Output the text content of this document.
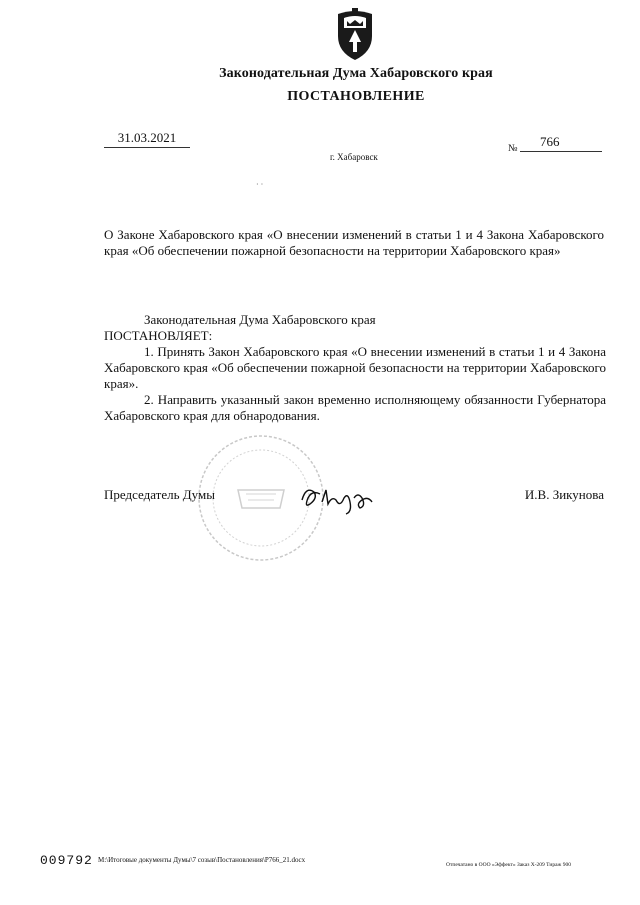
Законодательная Дума Хабаровского края
ПОСТАНОВЛЕНИЕ
31.03.2021
г. Хабаровск
№	766
· ·
О Законе Хабаровского края «О внесении изменений в статьи 1 и 4 Закона Хабаровского края «Об обеспечении пожарной безопасности на территории Хабаровского края»

Законодательная Дума Хабаровского края

ПОСТАНОВЛЯЕТ:

1. Принять Закон Хабаровского края «О внесении изменений в статьи 1 и 4 Закона Хабаровского края «Об обеспечении пожарной безопасности на территории Хабаровского края».

2. Направить указанный закон временно исполняющему обязанности Губернатора Хабаровского края для обнародования.

Председатель Думы	И.В. Зикунова
009792 М:\Итоговые документы Думы\7 созыв\Постановления\Р766_21.docx
Отпечатано в ООО «Эффект» Заказ Х-209 Тираж 900
